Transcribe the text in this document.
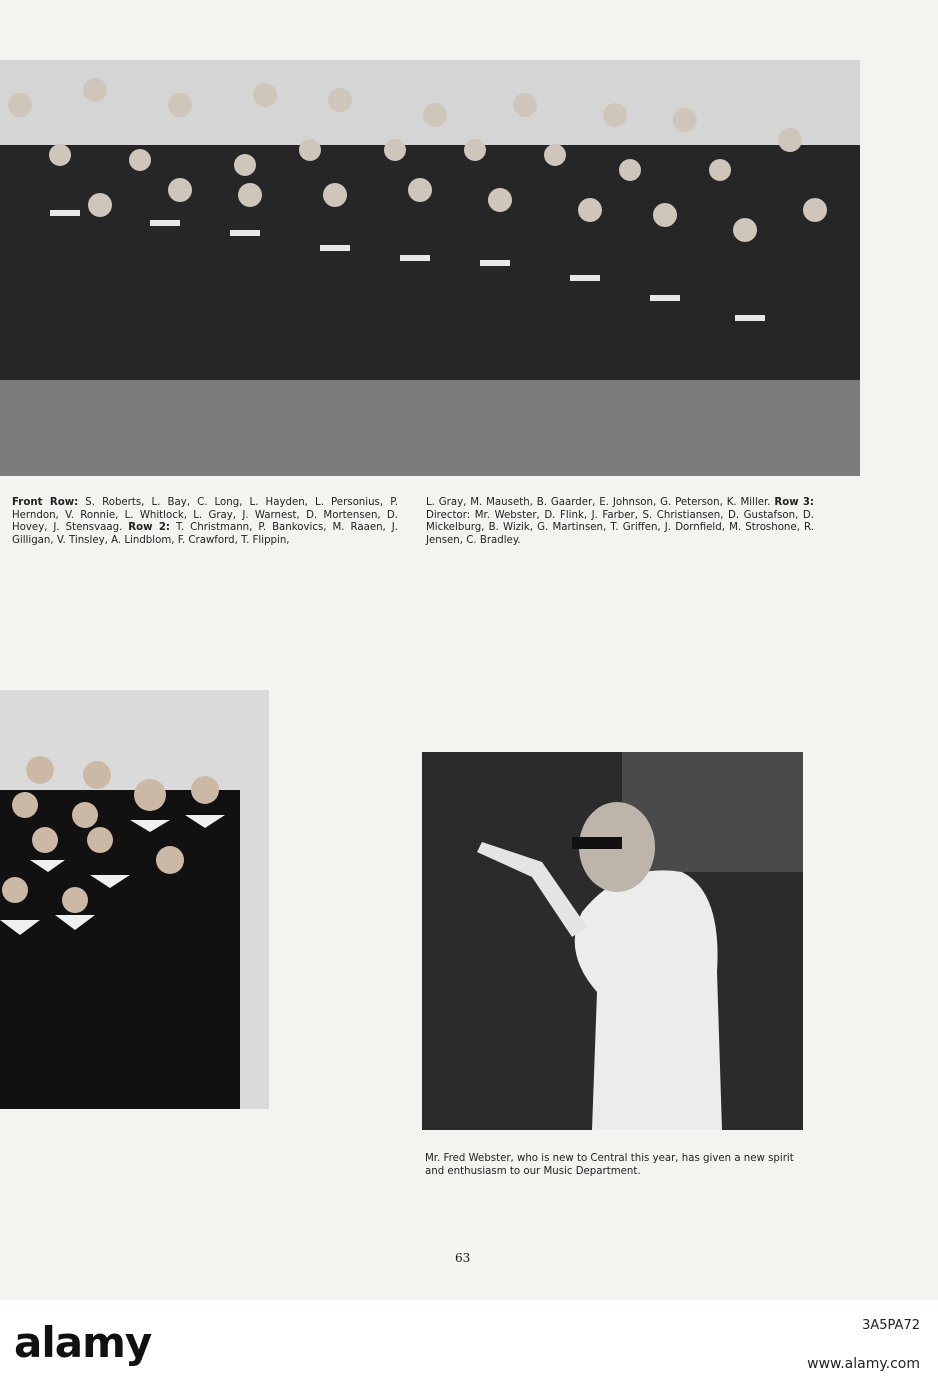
Front Row: S. Roberts, L. Bay, C. Long, L. Hayden, L. Personius, P. Herndon, V. Ronnie, L. Whitlock, L. Gray, J. Warnest, D. Mortensen, D. Hovey, J. Stensvaag. Row 2: T. Christmann, P. Bankovics, M. Raaen, J. Gilligan, V. Tinsley, A. Lindblom, F. Crawford, T. Flippin,
L. Gray, M. Mauseth, B. Gaarder, E. Johnson, G. Peterson, K. Miller. Row 3: Director: Mr. Webster, D. Flink, J. Farber, S. Christiansen, D. Gustafson, D. Mickelburg, B. Wizik, G. Martinsen, T. Griffen, J. Dornfield, M. Stroshone, R. Jensen, C. Bradley.
Mr. Fred Webster, who is new to Central this year, has given a new spirit and enthusiasm to our Music Department.
63
alamy	3A5PA72
www.alamy.com
